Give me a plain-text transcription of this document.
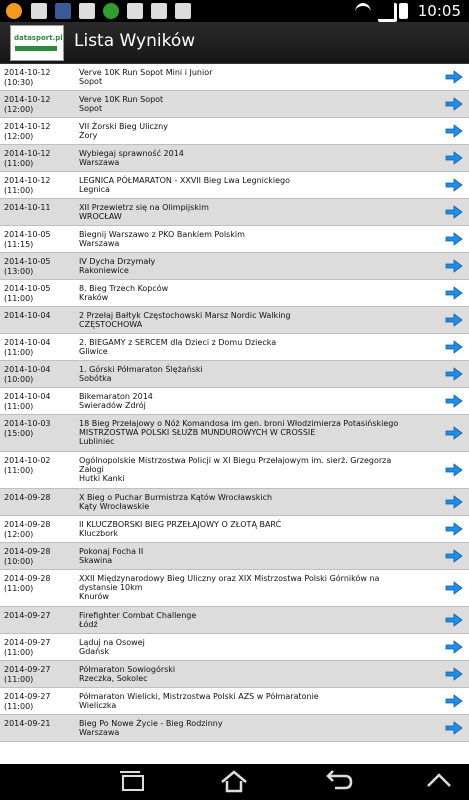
10:05
datasport.pl Lista Wyników
2014-10-12
(10:30)
Verve 10K Run Sopot Mini i Junior
Sopot
2014-10-12
(12:00)
Verve 10K Run Sopot
Sopot
2014-10-12
(12:00)
VII Żorski Bieg Uliczny
Żory
2014-10-12
(11:00)
Wybiegaj sprawność 2014
Warszawa
2014-10-12
(11:00)
LEGNICA PÓŁMARATON - XXVII Bieg Lwa Legnickiego
Legnica
2014-10-11	XII Przewietrz się na Olimpijskim
WROCŁAW
2014-10-05
(11:15)
Biegnij Warszawo z PKO Bankiem Polskim
Warszawa
2014-10-05
(13:00)
IV Dycha Drzymały
Rakoniewice
2014-10-05
(11:00)
8. Bieg Trzech Kopców
Kraków
2014-10-04	2 Przełaj Bałtyk Częstochowski Marsz Nordic Walking
CZĘSTOCHOWA
2014-10-04
(11:00)
2. BIEGAMY z SERCEM dla Dzieci z Domu Dziecka
Gliwice
2014-10-04
(10:00)
1. Górski Półmaraton Ślężański
Sobótka
2014-10-04
(11:00)
Bikemaraton 2014
Swieradów Zdrój
2014-10-03
(15:00)
18 Bieg Przełajowy o Nóż Komandosa im gen. broni Włodzimierza Potasińskiego MISTRZOSTWA POLSKI SŁUŻB MUNDUROWYCH W CROSSIE
Lubliniec
2014-10-02
(11:00)
Ogólnopolskie Mistrzostwa Policji w XI Biegu Przełajowym im. sierż. Grzegorza Załogi
Hutki Kanki
2014-09-28	X Bieg o Puchar Burmistrza Kątów Wrocławskich
Kąty Wrocławskie
2014-09-28
(12:00)
II KLUCZBORSKI BIEG PRZEŁAJOWY O ZŁOTĄ BARĆ
Kluczbork
2014-09-28
(10:00)
Pokonaj Focha II
Skawina
2014-09-28
(11:00)
XXII Międzynarodowy Bieg Uliczny oraz XIX Mistrzostwa Polski Górników na dystansie 10km
Knurów
2014-09-27	Firefighter Combat Challenge
Łódź
2014-09-27
(11:00)
Ląduj na Osowej
Gdańsk
2014-09-27
(11:00)
Półmaraton Sowiogórski
Rzeczka, Sokolec
2014-09-27
(11:00)
Półmaraton Wielicki, Mistrzostwa Polski AZS w Półmaratonie
Wieliczka
2014-09-21	Bieg Po Nowe Życie - Bieg Rodzinny
Warszawa
